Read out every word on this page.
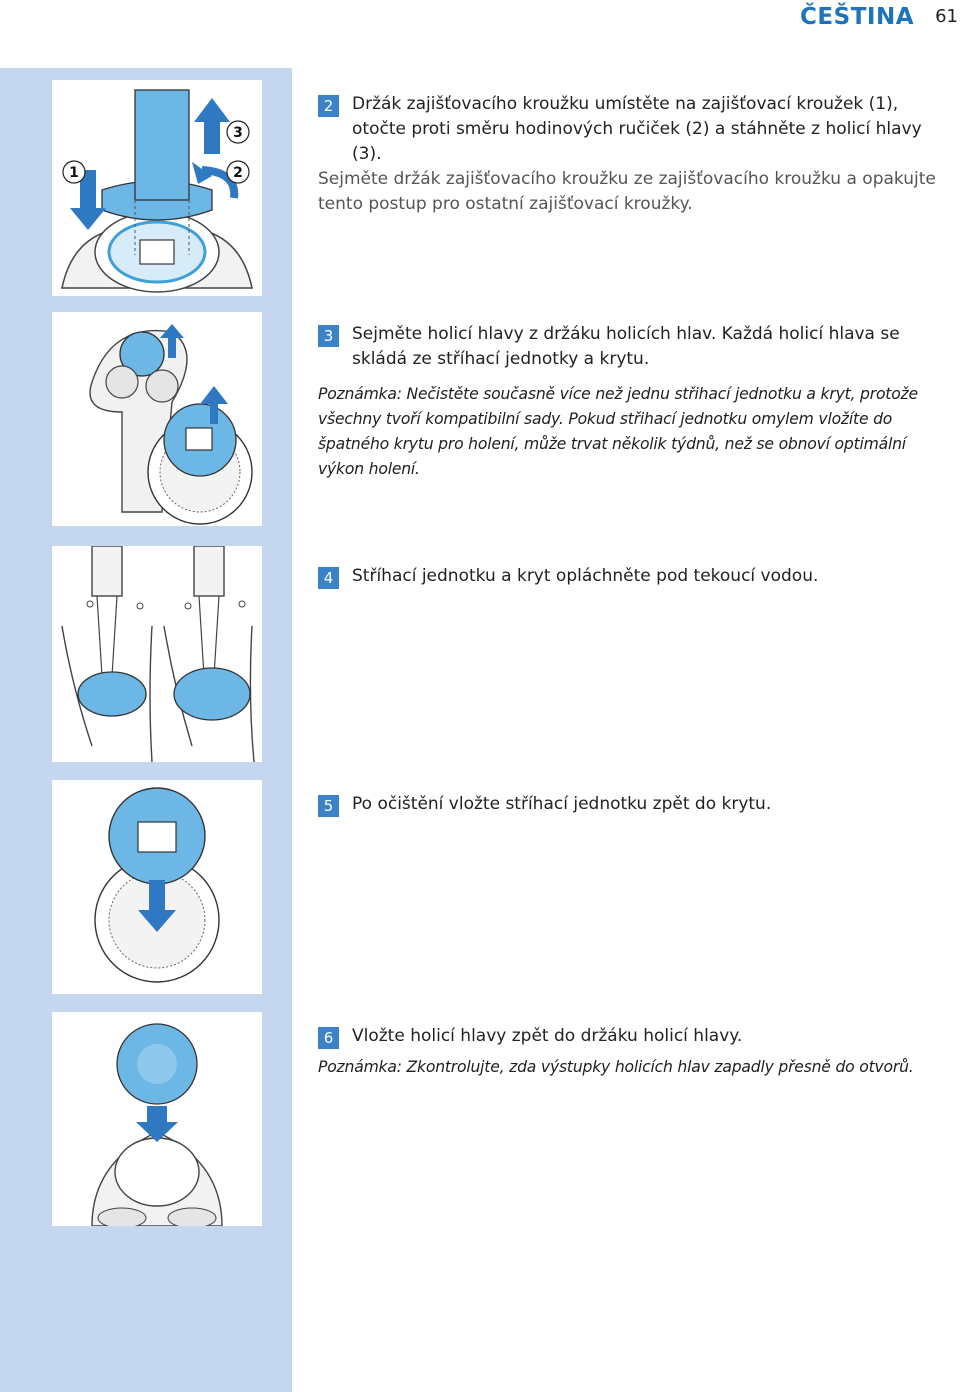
ČEŠTINA 61
1	2
3
2	Držák zajišťovacího kroužku umístěte na zajišťovací kroužek (1), otočte proti směru hodinových ručiček (2) a stáhněte z holicí hlavy (3).
Sejměte držák zajišťovacího kroužku ze zajišťovacího kroužku a opakujte tento postup pro ostatní zajišťovací kroužky.
3	Sejměte holicí hlavy z držáku holicích hlav. Každá holicí hlava se skládá ze stříhací jednotky a krytu.
Poznámka: Nečistěte současně více než jednu střihací jednotku a kryt, protože všechny tvoří kompatibilní sady. Pokud střihací jednotku omylem vložíte do špatného krytu pro holení, může trvat několik týdnů, než se obnoví optimální výkon holení.
4	Stříhací jednotku a kryt opláchněte pod tekoucí vodou.
5	Po očištění vložte stříhací jednotku zpět do krytu.
6	Vložte holicí hlavy zpět do držáku holicí hlavy.
Poznámka: Zkontrolujte, zda výstupky holicích hlav zapadly přesně do otvorů.
